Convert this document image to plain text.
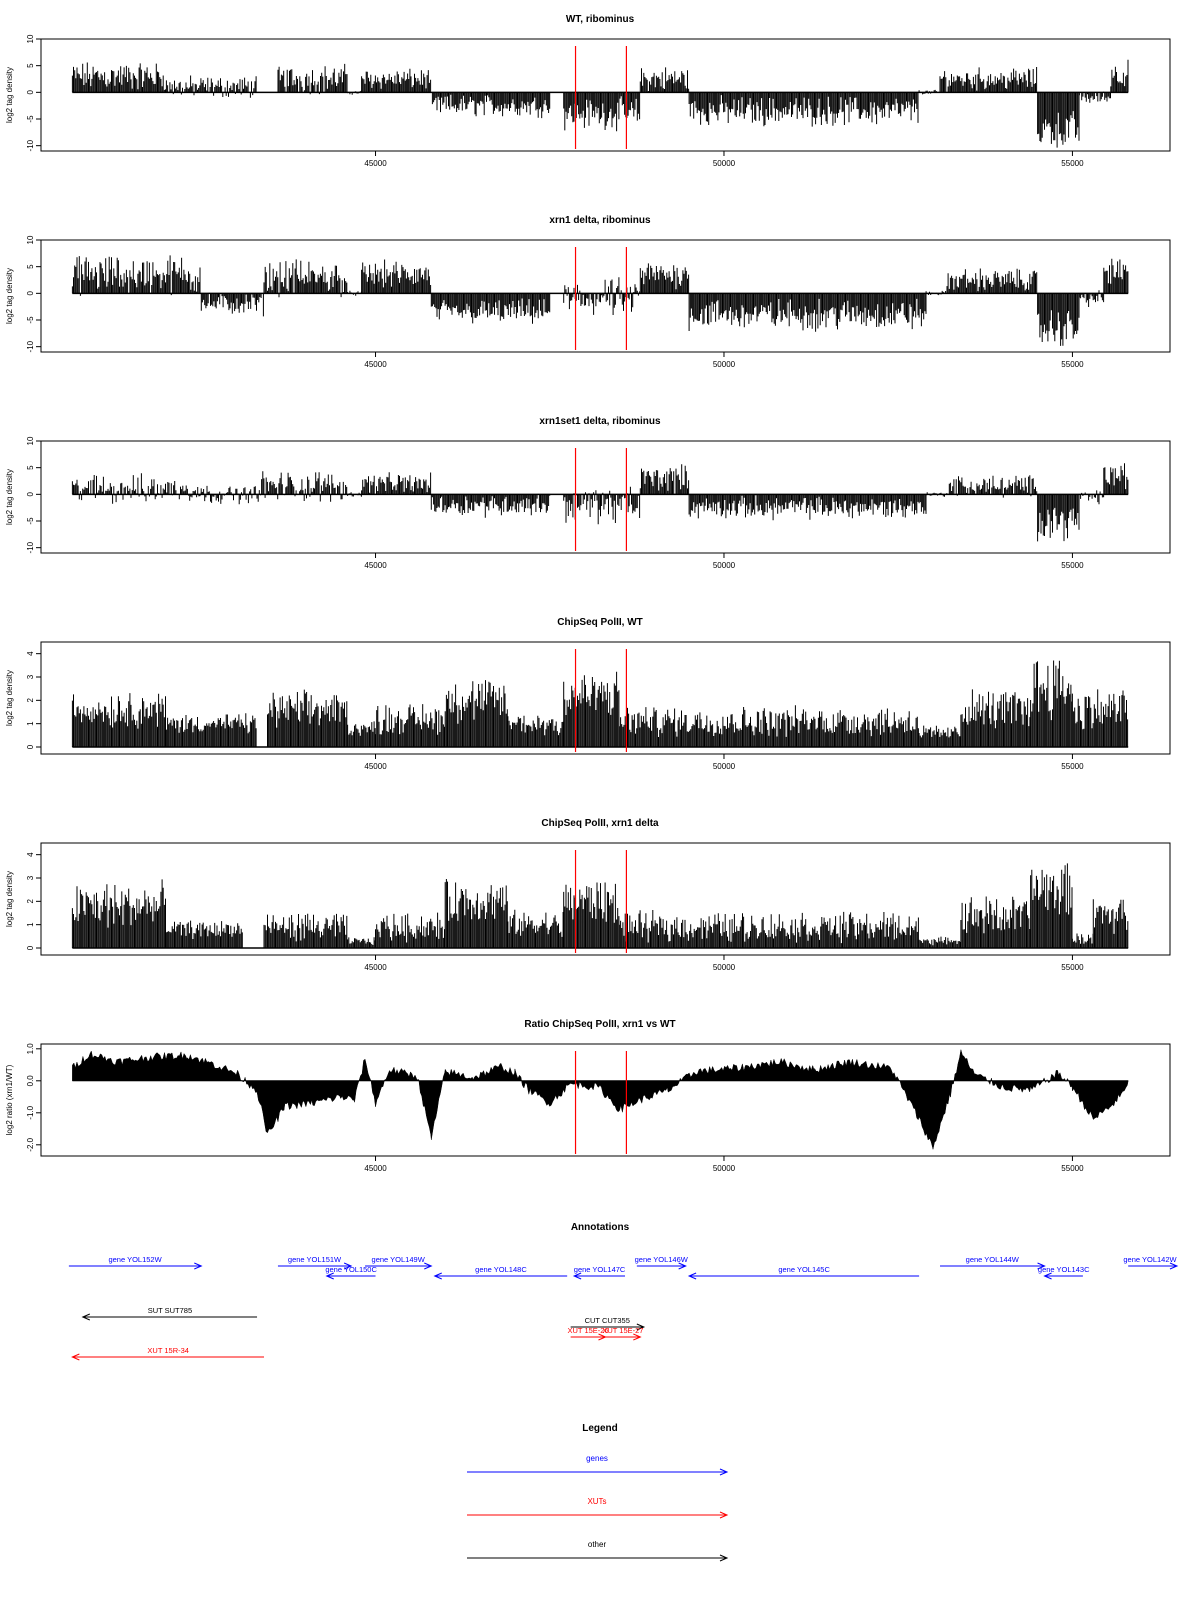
WT, ribominus
log2 tag density
-10
-5
0
5
10
45000	50000	55000
xrn1 delta, ribominus
log2 tag density
-10
-5
0
5
10
45000	50000	55000
xrn1set1 delta, ribominus
log2 tag density
-10
-5
0
5
10
45000	50000	55000
ChipSeq PolII, WT
log2 tag density
0
1
2
3
4
45000	50000	55000
ChipSeq PolII, xrn1 delta
log2 tag density
0
1
2
3
4
45000	50000	55000
Ratio ChipSeq PolII, xrn1 vs WT
log2 ratio (xrn1/WT)
-2.0
-1.0
0.0
1.0
45000	50000	55000
Annotations
gene YOL152W	gene YOL151W
gene YOL150C
gene YOL149W
gene YOL148C	gene YOL147C
gene YOL146W
gene YOL145C
gene YOL144W
gene YOL143C
gene YOL142W
SUT SUT785
CUT CUT355
XUT 15E-26
XUT 15E-27
XUT 15R-34
Legend
genes
XUTs
other
